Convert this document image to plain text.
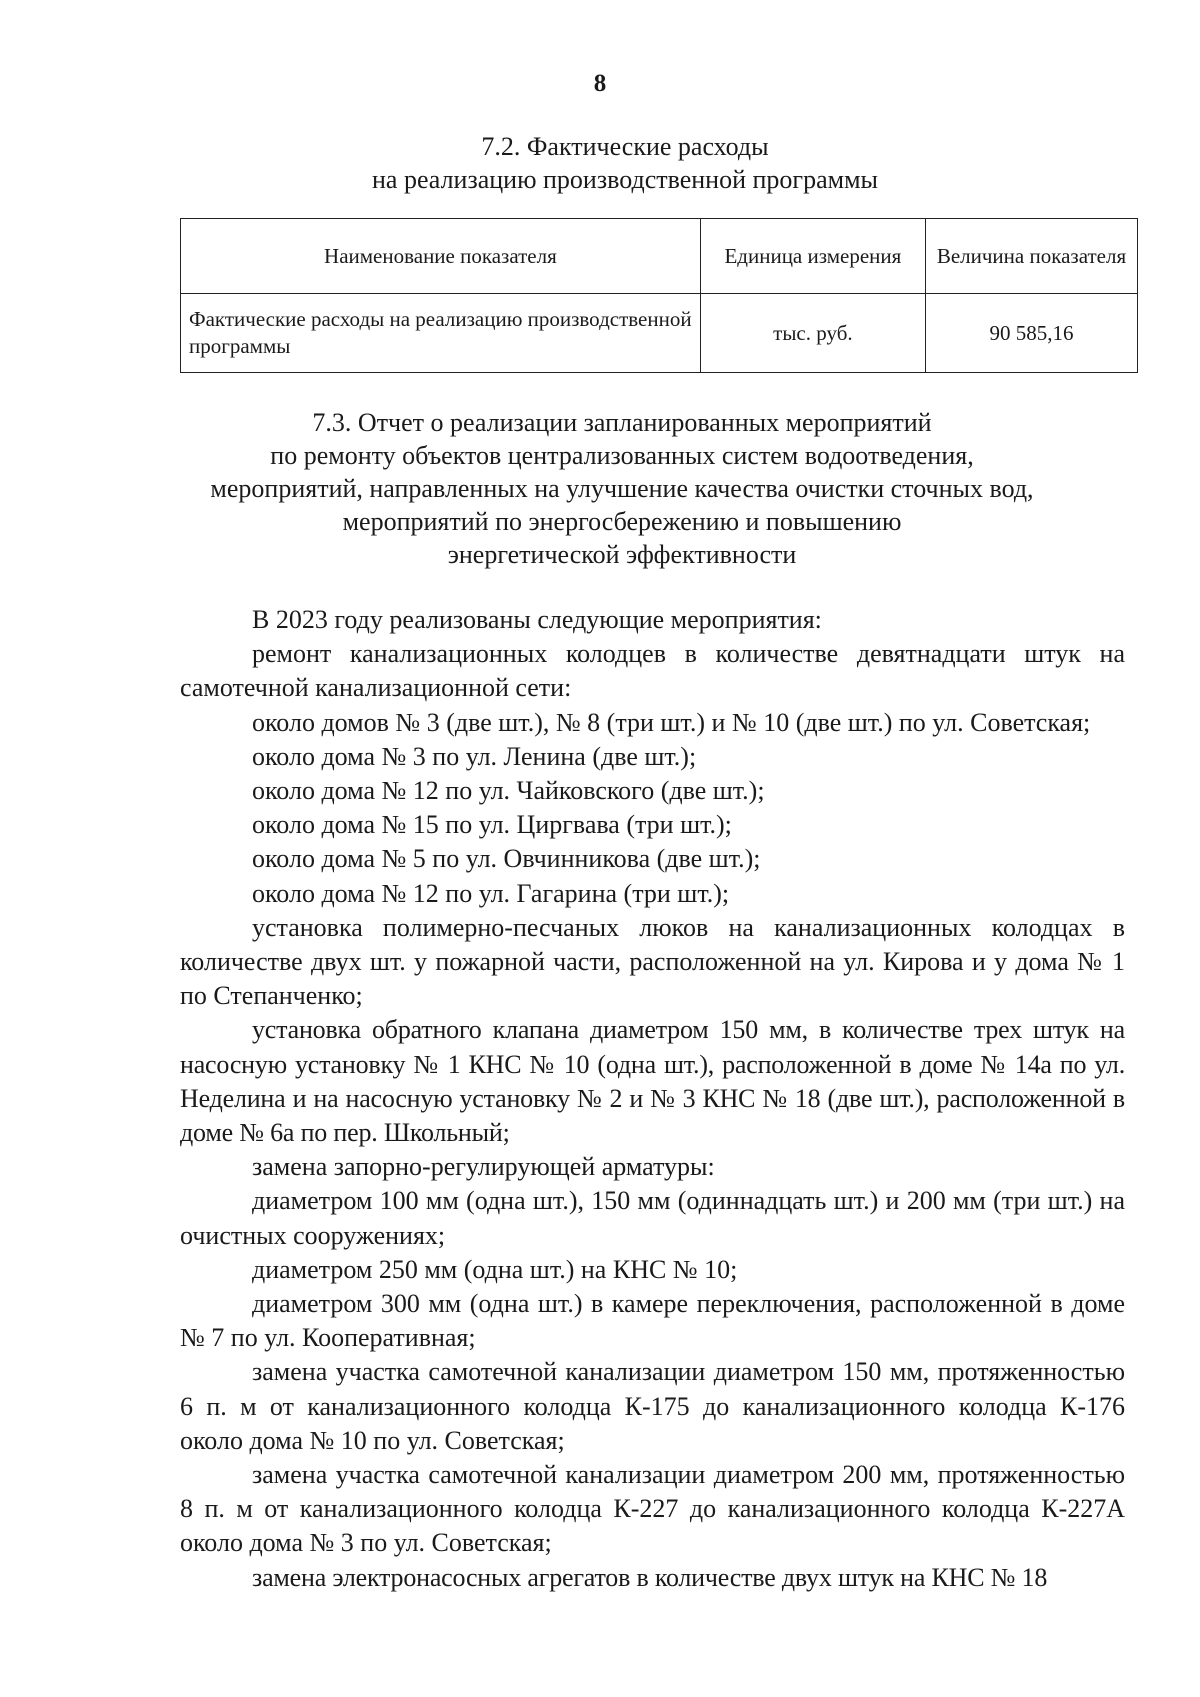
8
7.2. Фактические расходы
на реализацию производственной программы
Наименование показателя	Единица измерения	Величина показателя
Фактические расходы на реализацию производственной программы	тыс. руб.	90 585,16
7.3. Отчет о реализации запланированных мероприятий
по ремонту объектов централизованных систем водоотведения,
мероприятий, направленных на улучшение качества очистки сточных вод,
мероприятий по энергосбережению и повышению
энергетической эффективности

В 2023 году реализованы следующие мероприятия:

ремонт канализационных колодцев в количестве девятнадцати штук на самотечной канализационной сети:

около домов № 3 (две шт.), № 8 (три шт.) и № 10 (две шт.) по ул. Советская;

около дома № 3 по ул. Ленина (две шт.);

около дома № 12 по ул. Чайковского (две шт.);

около дома № 15 по ул. Циргвава (три шт.);

около дома № 5 по ул. Овчинникова (две шт.);

около дома № 12 по ул. Гагарина (три шт.);

установка полимерно-песчаных люков на канализационных колодцах в количестве двух шт. у пожарной части, расположенной на ул. Кирова и у дома № 1 по Степанченко;

установка обратного клапана диаметром 150 мм, в количестве трех штук на насосную установку № 1 КНС № 10 (одна шт.), расположенной в доме № 14а по ул. Неделина и на насосную установку № 2 и № 3 КНС № 18 (две шт.), расположенной в доме № 6а по пер. Школьный;

замена запорно-регулирующей арматуры:

диаметром 100 мм (одна шт.), 150 мм (одиннадцать шт.) и 200 мм (три шт.) на очистных сооружениях;

диаметром 250 мм (одна шт.) на КНС № 10;

диаметром 300 мм (одна шт.) в камере переключения, расположенной в доме № 7 по ул. Кооперативная;

замена участка самотечной канализации диаметром 150 мм, протяженностью 6 п. м от канализационного колодца К-175 до канализационного колодца К-176 около дома № 10 по ул. Советская;

замена участка самотечной канализации диаметром 200 мм, протяженностью 8 п. м от канализационного колодца К-227 до канализационного колодца К-227А около дома № 3 по ул. Советская;

замена электронасосных агрегатов в количестве двух штук на КНС № 18
